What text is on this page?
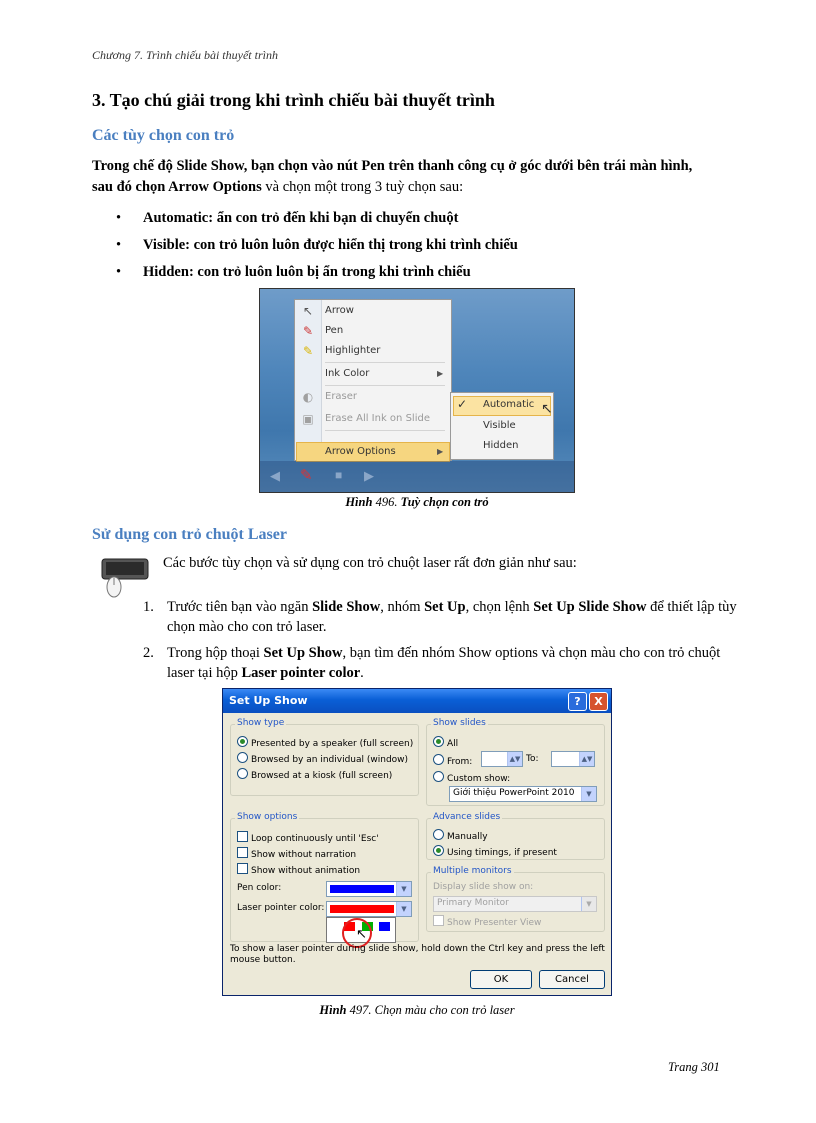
Chương 7. Trình chiếu bài thuyết trình
3. Tạo chú giải trong khi trình chiếu bài thuyết trình
Các tùy chọn con trỏ
Trong chế độ Slide Show, bạn chọn vào nút Pen trên thanh công cụ ở góc dưới bên trái màn hình,
sau đó chọn Arrow Options và chọn một trong 3 tuỳ chọn sau:
• Automatic: ẩn con trỏ đến khi bạn di chuyển chuột
• Visible: con trỏ luôn luôn được hiển thị trong khi trình chiếu
• Hidden: con trỏ luôn luôn bị ẩn trong khi trình chiếu
↖ Arrow
✎ Pen
✎ Highlighter
Ink Color	▶
◐ Eraser
▣ Erase All Ink on Slide
Arrow Options	▶
✓ Automatic
Visible
Hidden
↖
◀ ✎ ■ ▶
Hình 496. Tuỳ chọn con trỏ
Sử dụng con trỏ chuột Laser
Các bước tùy chọn và sử dụng con trỏ chuột laser rất đơn giản như sau:
1. Trước tiên bạn vào ngăn Slide Show, nhóm Set Up, chọn lệnh Set Up Slide Show để thiết lập tùy chọn mào cho con trỏ laser.
2. Trong hộp thoại Set Up Show, bạn tìm đến nhóm Show options và chọn màu cho con trỏ chuột laser tại hộp Laser pointer color.
Set Up Show	?	X
Show type
Presented by a speaker (full screen)
Browsed by an individual (window)
Browsed at a kiosk (full screen)
Show slides
All
From:	▲▼ To:	▲▼
Custom show:
Giới thiệu PowerPoint 2010	▼
Show options
Loop continuously until 'Esc'
Show without narration
Show without animation
Pen color:	▼
Laser pointer color:	▼
↖
Advance slides
Manually
Using timings, if present
Multiple monitors
Display slide show on:
Primary Monitor	▼
Show Presenter View
To show a laser pointer during slide show, hold down the Ctrl key and press the left mouse button.
OK	Cancel
Hình 497. Chọn màu cho con trỏ laser
Trang 301
